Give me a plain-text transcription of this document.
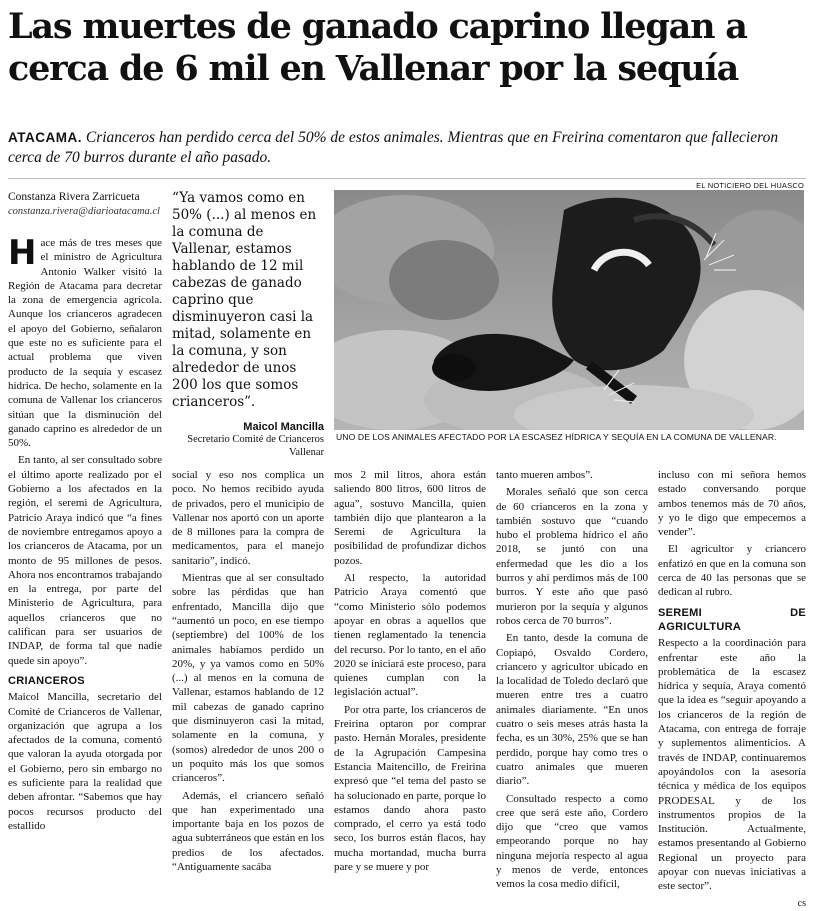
Las muertes de ganado caprino llegan a cerca de 6 mil en Vallenar por la sequía
ATACAMA. Crianceros han perdido cerca del 50% de estos animales. Mientras que en Freirina comentaron que fallecieron cerca de 70 burros durante el año pasado.
Constanza Rivera Zarricueta
constanza.rivera@diarioatacama.cl
“Ya vamos como en 50% (...) al menos en la comuna de Vallenar, estamos hablando de 12 mil cabezas de ganado caprino que disminuyeron casi la mitad, solamente en la comuna, y son alrededor de unos 200 los que somos crianceros”.
Maicol Mancilla
Secretario Comité de Crianceros Vallenar
EL NOTICIERO DEL HUASCO
UNO DE LOS ANIMALES AFECTADO POR LA ESCASEZ HÍDRICA Y SEQUÍA EN LA COMUNA DE VALLENAR.

Hace más de tres meses que el ministro de Agricultura Antonio Walker visitó la Región de Atacama para decretar la zona de emergencia agrícola. Aunque los crianceros agradecen el apoyo del Gobierno, señalaron que este no es suficiente para el actual problema que viven producto de la sequía y escasez hídrica. De hecho, solamente en la comuna de Vallenar los crianceros sitúan que la disminución del ganado caprino es alrededor de un 50%.

En tanto, al ser consultado sobre el último aporte realizado por el Gobierno a los afectados en la región, el seremi de Agricultura, Patricio Araya indicó que “a fines de noviembre entregamos apoyo a los crianceros de Atacama, por un monto de 95 millones de pesos. Ahora nos encontramos trabajando en la entrega, por parte del Ministerio de Agricultura, para aquellos crianceros que no califican para ser usuarios de INDAP, de forma tal que nadie quede sin apoyo”.

CRIANCEROS

Maicol Mancilla, secretario del Comité de Crianceros de Vallenar, organización que agrupa a los afectados de la comuna, comentó que valoran la ayuda otorgada por el Gobierno, pero sin embargo no es suficiente para la realidad que deben afrontar. “Sabemos que hay pocos recursos producto del estallido

social y eso nos complica un poco. No hemos recibido ayuda de privados, pero el municipio de Vallenar nos aportó con un aporte de 8 millones para la compra de medicamentos, para el manejo sanitario”, indicó.

Mientras que al ser consultado sobre las pérdidas que han enfrentado, Mancilla dijo que “aumentó un poco, en ese tiempo (septiembre) del 100% de los animales habíamos perdido un 20%, y ya vamos como en 50% (...) al menos en la comuna de Vallenar, estamos hablando de 12 mil cabezas de ganado caprino que disminuyeron casi la mitad, solamente en la comuna, y (somos) alrededor de unos 200 o un poquito más los que somos crianceros”.

Además, el criancero señaló que han experimentado una importante baja en los pozos de agua subterráneos que están en los predios de los afectados. “Antiguamente sacába

mos 2 mil litros, ahora están saliendo 800 litros, 600 litros de agua”, sostuvo Mancilla, quien también dijo que plantearon a la Seremi de Agricultura la posibilidad de profundizar dichos pozos.

Al respecto, la autoridad Patricio Araya comentó que “como Ministerio sólo podemos apoyar en obras a aquellos que tienen reglamentado la tenencia del recurso. Por lo tanto, en el año 2020 se iniciará este proceso, para quienes cumplan con la legislación actual”.

Por otra parte, los crianceros de Freirina optaron por comprar pasto. Hernán Morales, presidente de la Agrupación Campesina Estancia Maitencillo, de Freirina expresó que “el tema del pasto se ha solucionado en parte, porque lo estamos dando ahora pasto comprado, el cerro ya está todo seco, los burros están flacos, hay mucha mortandad, mucha burra pare y se muere y por

tanto mueren ambos”.

Morales señaló que son cerca de 60 crianceros en la zona y también sostuvo que “cuando hubo el problema hídrico el año 2018, se juntó con una enfermedad que les dio a los burros y ahí perdimos más de 100 burros. Y este año que pasó murieron por la sequía y algunos robos cerca de 70 burros”.

En tanto, desde la comuna de Copiapó, Osvaldo Cordero, criancero y agricultor ubicado en la localidad de Toledo declaró que mueren entre tres a cuatro animales diariamente. “En unos cuatro o seis meses atrás hasta la fecha, es un 30%, 25% que se han perdido, porque hay como tres o cuatro animales que mueren diario”.

Consultado respecto a como cree que será este año, Cordero dijo que “creo que vamos empeorando porque no hay ninguna mejoría respecto al agua y menos de verde, entonces vemos la cosa medio difícil,

incluso con mi señora hemos estado conversando porque ambos tenemos más de 70 años, y yo le digo que empecemos a vender”.

El agricultor y criancero enfatizó en que en la comuna son cerca de 40 las personas que se dedican al rubro.

SEREMI DE AGRICULTURA

Respecto a la coordinación para enfrentar este año la problemática de la escasez hídrica y sequía, Araya comentó que la idea es “seguir apoyando a los crianceros de la región de Atacama, con entrega de forraje y suplementos alimenticios. A través de INDAP, continuaremos apoyándolos con la asesoría técnica y médica de los equipos PRODESAL y de los instrumentos propios de la Institución. Actualmente, estamos presentando al Gobierno Regional un proyecto para apoyar con nuevas iniciativas a este sector”.

cs
